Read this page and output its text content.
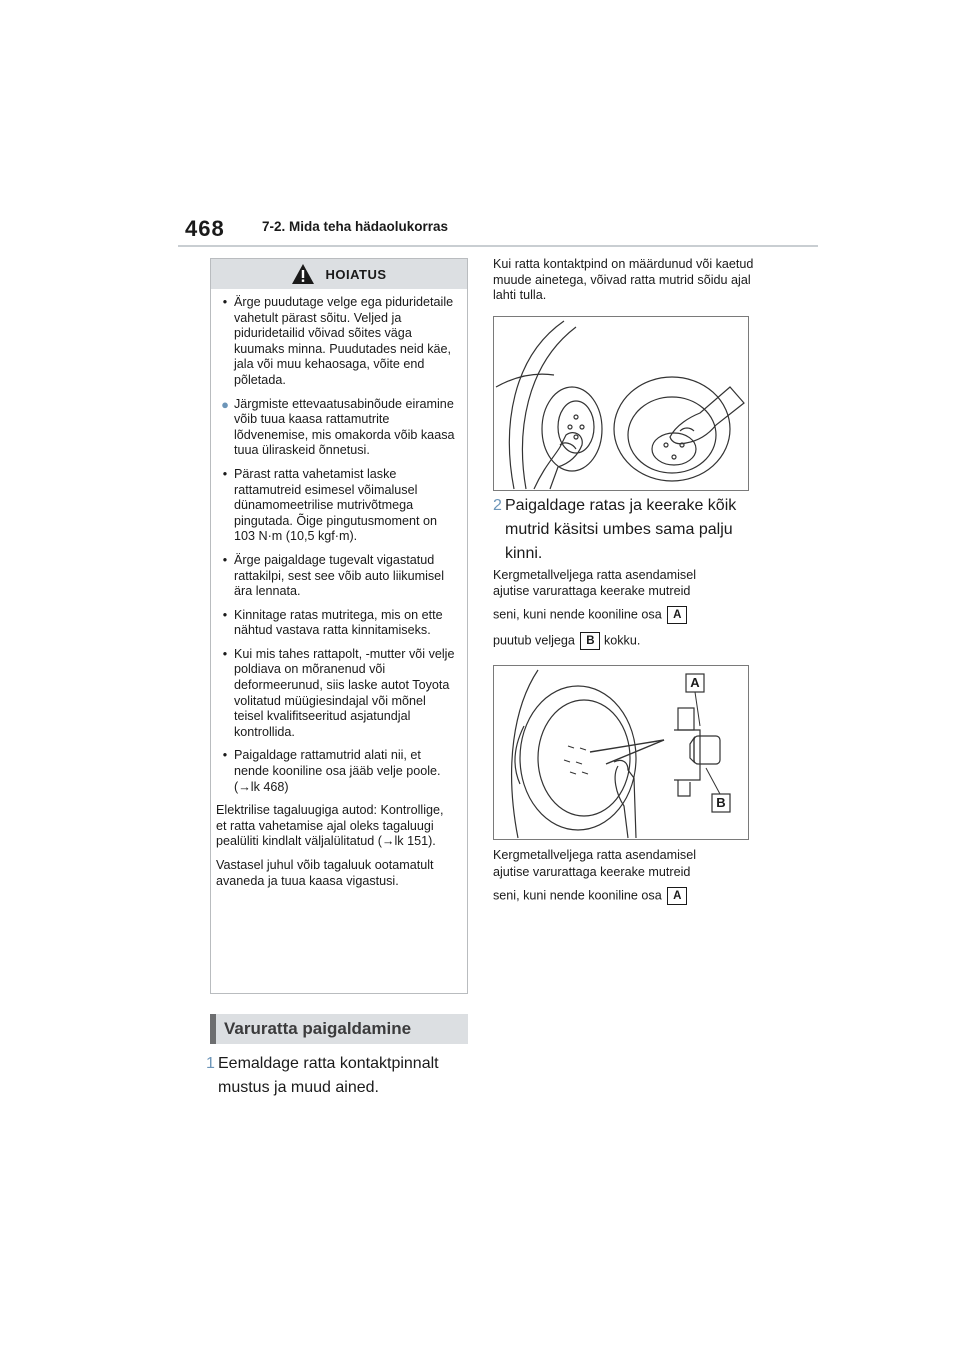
468	7-2. Mida teha hädaolukorras
HOIATUS
• Ärge puudutage velge ega piduridetaile vahetult pärast sõitu. Veljed ja piduridetailid võivad sõites väga kuumaks minna. Puudutades neid käe, jala või muu kehaosaga, võite end põletada.
● Järgmiste ettevaatusabinõude eiramine võib tuua kaasa rattamutrite lõdvenemise, mis omakorda võib kaasa tuua üliraskeid õnnetusi.
• Pärast ratta vahetamist laske rattamutreid esimesel võimalusel dünamomeetrilise mutrivõtmega pingutada. Õige pingutusmoment on 103 N·m (10,5 kgf·m).
• Ärge paigaldage tugevalt vigastatud rattakilpi, sest see võib auto liikumisel ära lennata.
• Kinnitage ratas mutritega, mis on ette nähtud vastava ratta kinnitamiseks.
• Kui mis tahes rattapolt, -mutter või velje poldiava on mõranenud või deformeerunud, siis laske autot Toyota volitatud müügiesindajal või mõnel teisel kvalifitseeritud asjatundjal kontrollida.
• Paigaldage rattamutrid alati nii, et nende kooniline osa jääb velje poole. (→lk 468)

Elektrilise tagaluugiga autod: Kontrollige, et ratta vahetamise ajal oleks tagaluugi pealüliti kindlalt väljalülitatud (→lk 151).

Vastasel juhul võib tagaluuk ootamatult avaneda ja tuua kaasa vigastusi.

Varuratta paigaldamine
1 Eemaldage ratta kontaktpinnalt mustus ja muud ained.
Kui ratta kontaktpind on määrdunud või kaetud muude ainetega, võivad ratta mutrid sõidu ajal lahti tulla.
2 Paigaldage ratas ja keerake kõik mutrid käsitsi umbes sama palju kinni.
Kergmetallveljega ratta asendamisel
ajutise varurattaga keerake mutreid
seni, kuni nende kooniline osa A
puutub veljega B kokku.
A
B
Kergmetallveljega ratta asendamisel
ajutise varurattaga keerake mutreid
seni, kuni nende kooniline osa A
